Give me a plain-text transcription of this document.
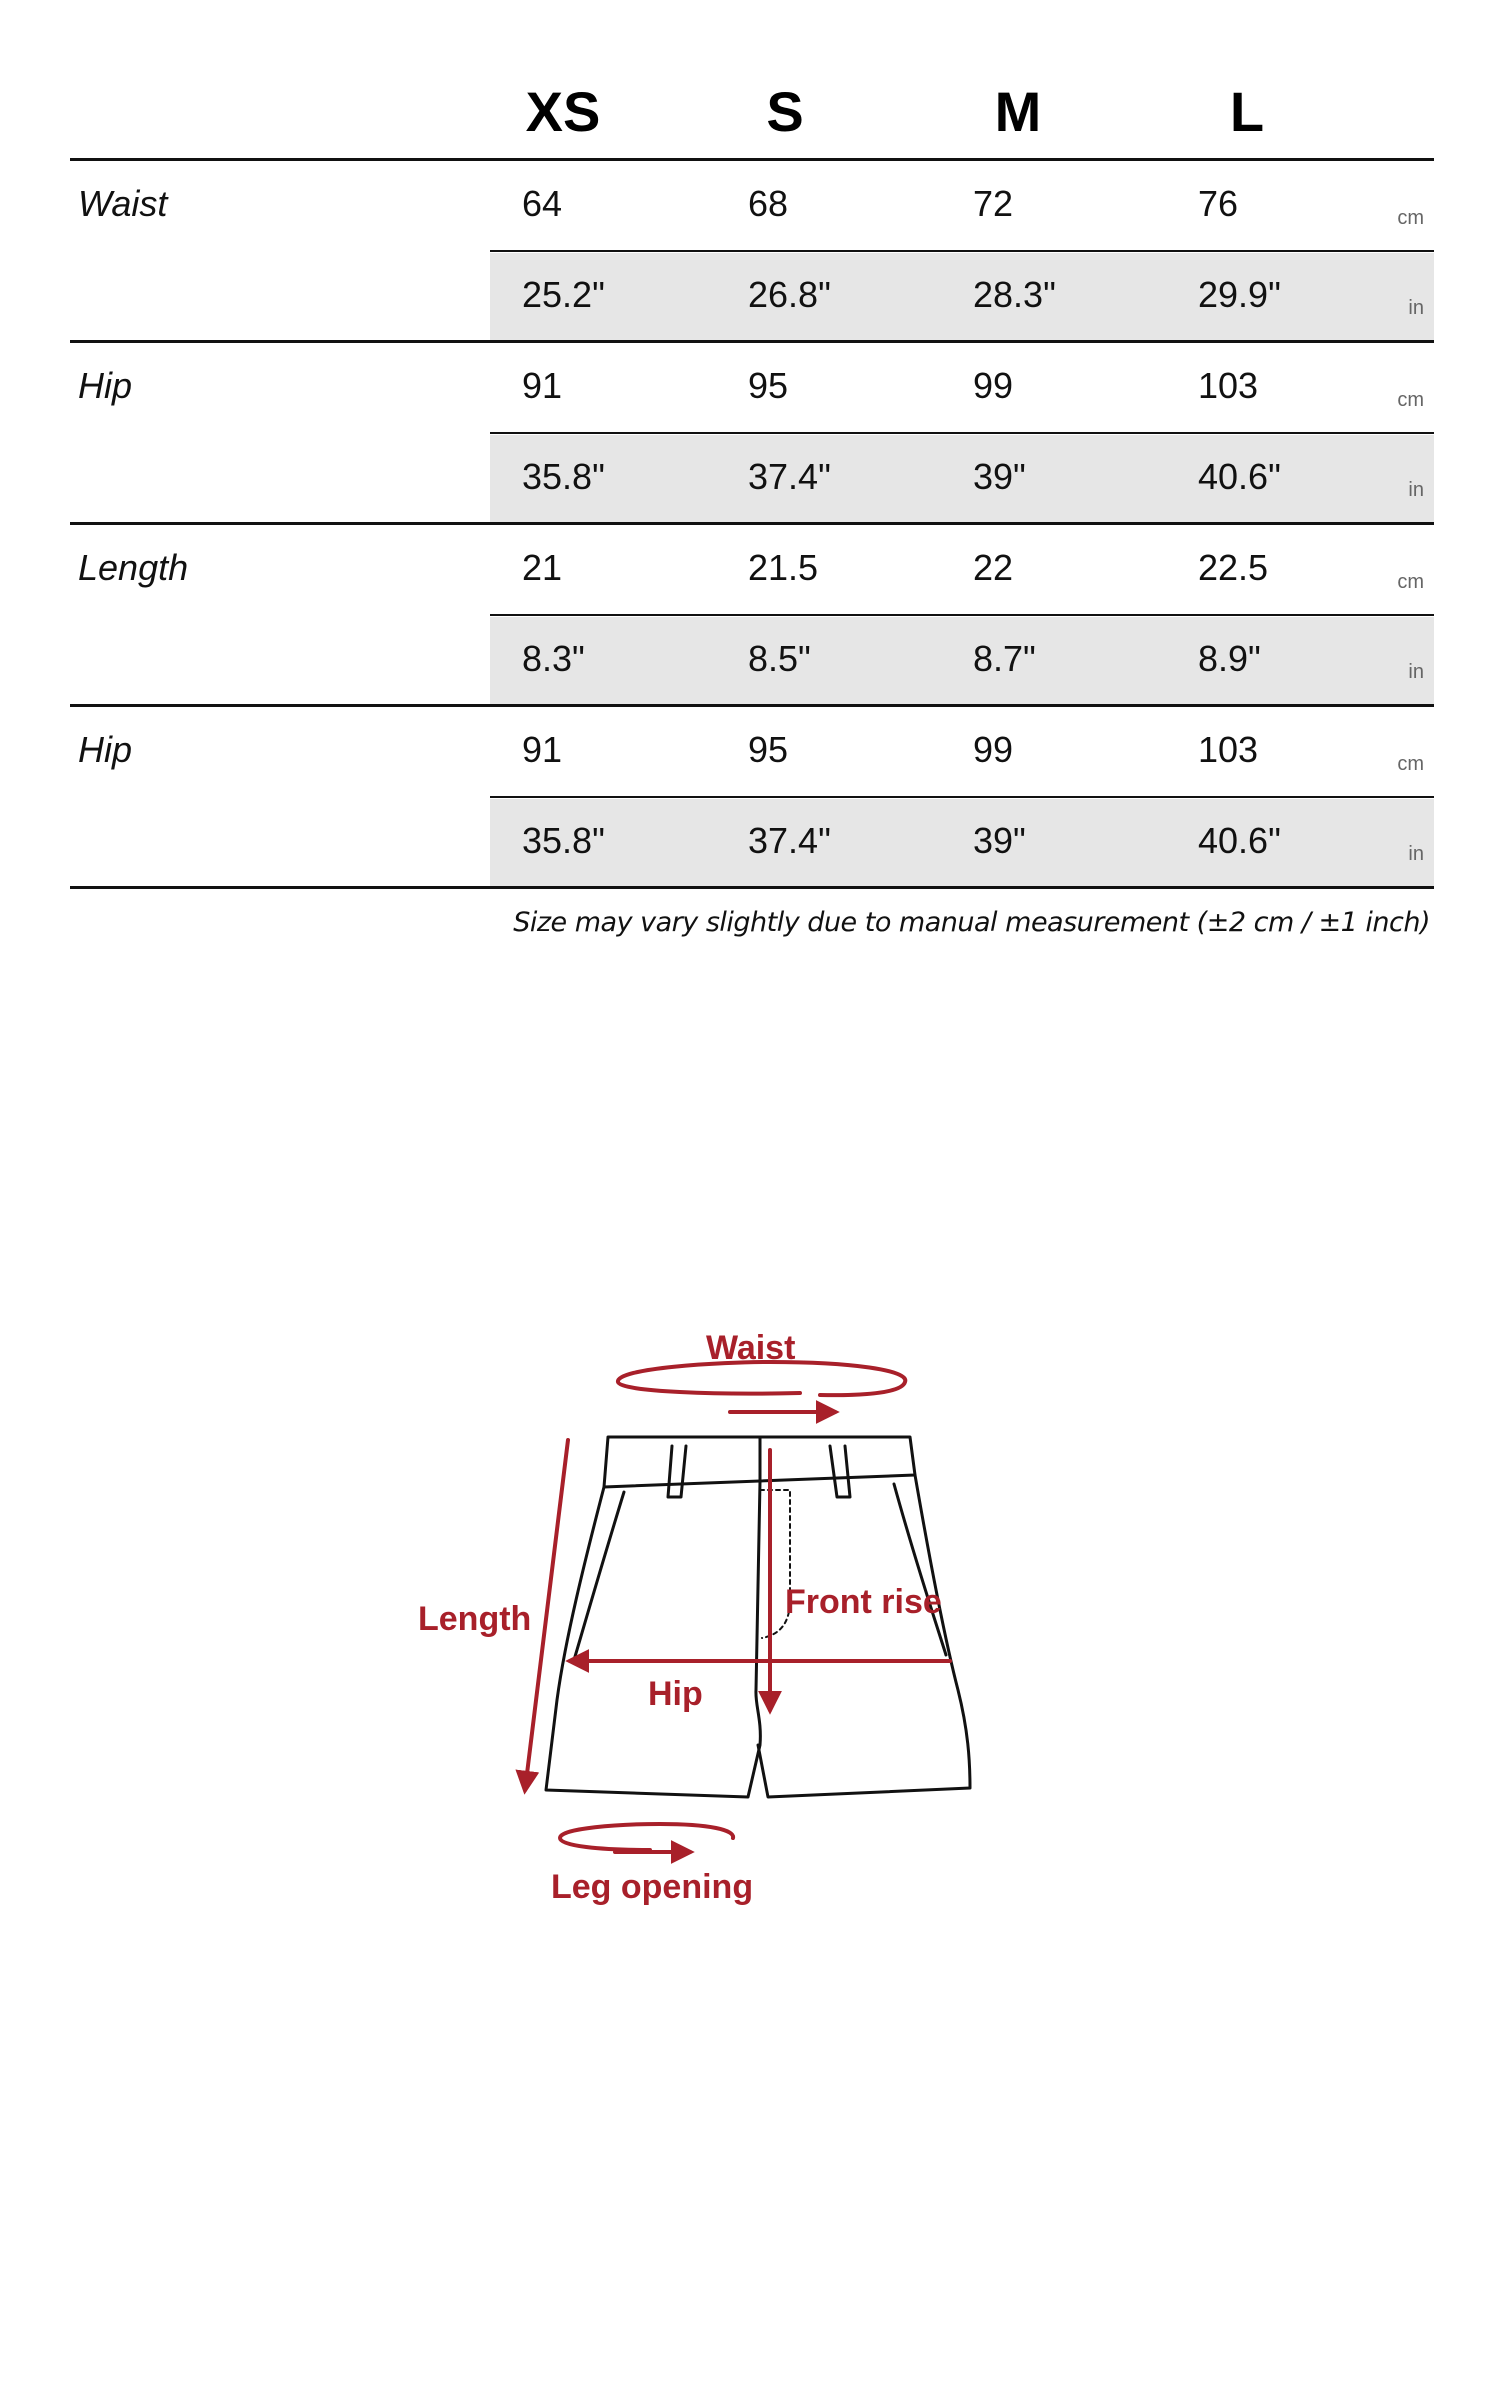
XS	S	M	L
Waist	64	68	72	76	cm
25.2"	26.8"	28.3"	29.9"	in
Hip	91	95	99	103	cm
35.8"	37.4"	39"	40.6"	in
Length	21	21.5	22	22.5	cm
8.3"	8.5"	8.7"	8.9"	in
Hip	91	95	99	103	cm
35.8"	37.4"	39"	40.6"	in
Size may vary slightly due to manual measurement (±2 cm / ±1 inch)
Waist
Length	Front rise
Hip
Leg opening
